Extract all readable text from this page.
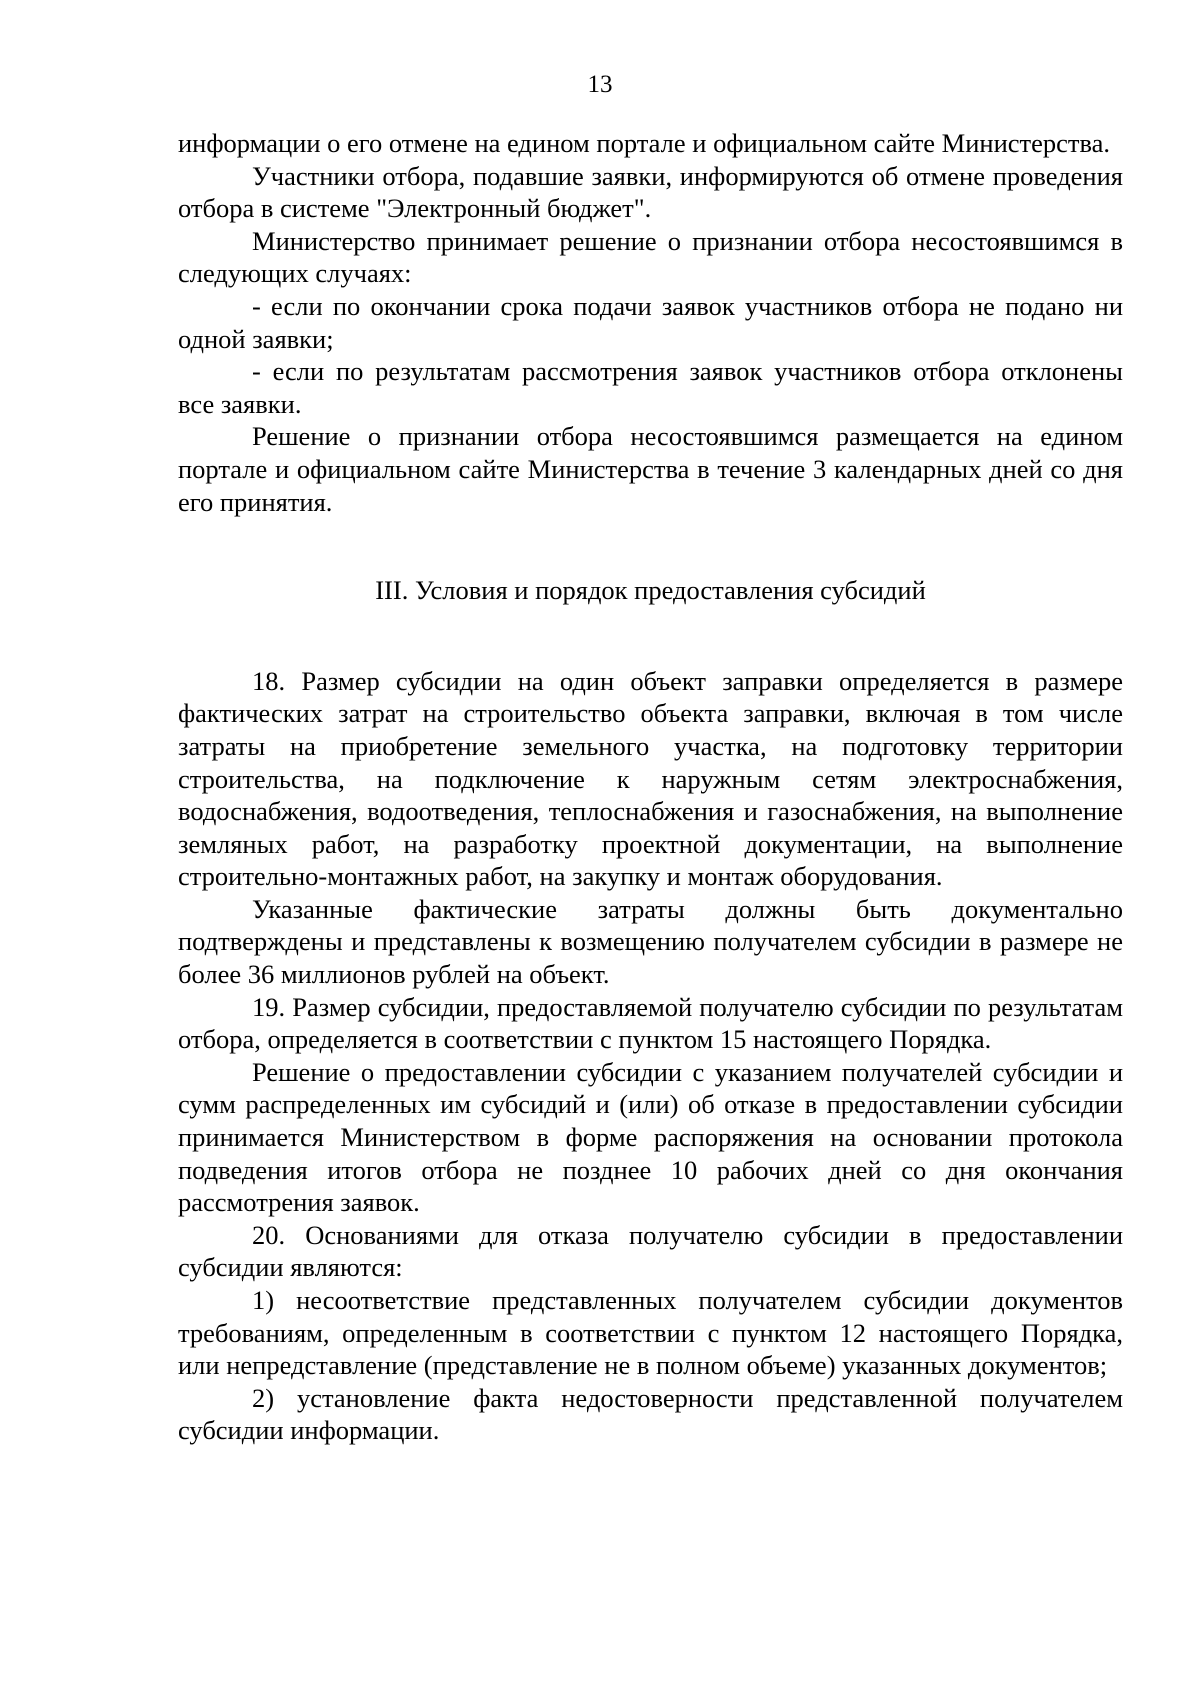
13

информации о его отмене на едином портале и официальном сайте Министерства.

Участники отбора, подавшие заявки, информируются об отмене проведения отбора в системе "Электронный бюджет".

Министерство принимает решение о признании отбора несостоявшимся в следующих случаях:

- если по окончании срока подачи заявок участников отбора не подано ни одной заявки;

- если по результатам рассмотрения заявок участников отбора отклонены все заявки.

Решение о признании отбора несостоявшимся размещается на едином портале и официальном сайте Министерства в течение 3 календарных дней со дня его принятия.

III. Условия и порядок предоставления субсидий

18. Размер субсидии на один объект заправки определяется в размере фактических затрат на строительство объекта заправки, включая в том числе затраты на приобретение земельного участка, на подготовку территории строительства, на подключение к наружным сетям электроснабжения, водоснабжения, водоотведения, теплоснабжения и газоснабжения, на выполнение земляных работ, на разработку проектной документации, на выполнение строительно-монтажных работ, на закупку и монтаж оборудования.

Указанные фактические затраты должны быть документально подтверждены и представлены к возмещению получателем субсидии в размере не более 36 миллионов рублей на объект.

19. Размер субсидии, предоставляемой получателю субсидии по результатам отбора, определяется в соответствии с пунктом 15 настоящего Порядка.

Решение о предоставлении субсидии с указанием получателей субсидии и сумм распределенных им субсидий и (или) об отказе в предоставлении субсидии принимается Министерством в форме распоряжения на основании протокола подведения итогов отбора не позднее 10 рабочих дней со дня окончания рассмотрения заявок.

20. Основаниями для отказа получателю субсидии в предоставлении субсидии являются:

1) несоответствие представленных получателем субсидии документов требованиям, определенным в соответствии с пунктом 12 настоящего Порядка, или непредставление (представление не в полном объеме) указанных документов;

2) установление факта недостоверности представленной получателем субсидии информации.
